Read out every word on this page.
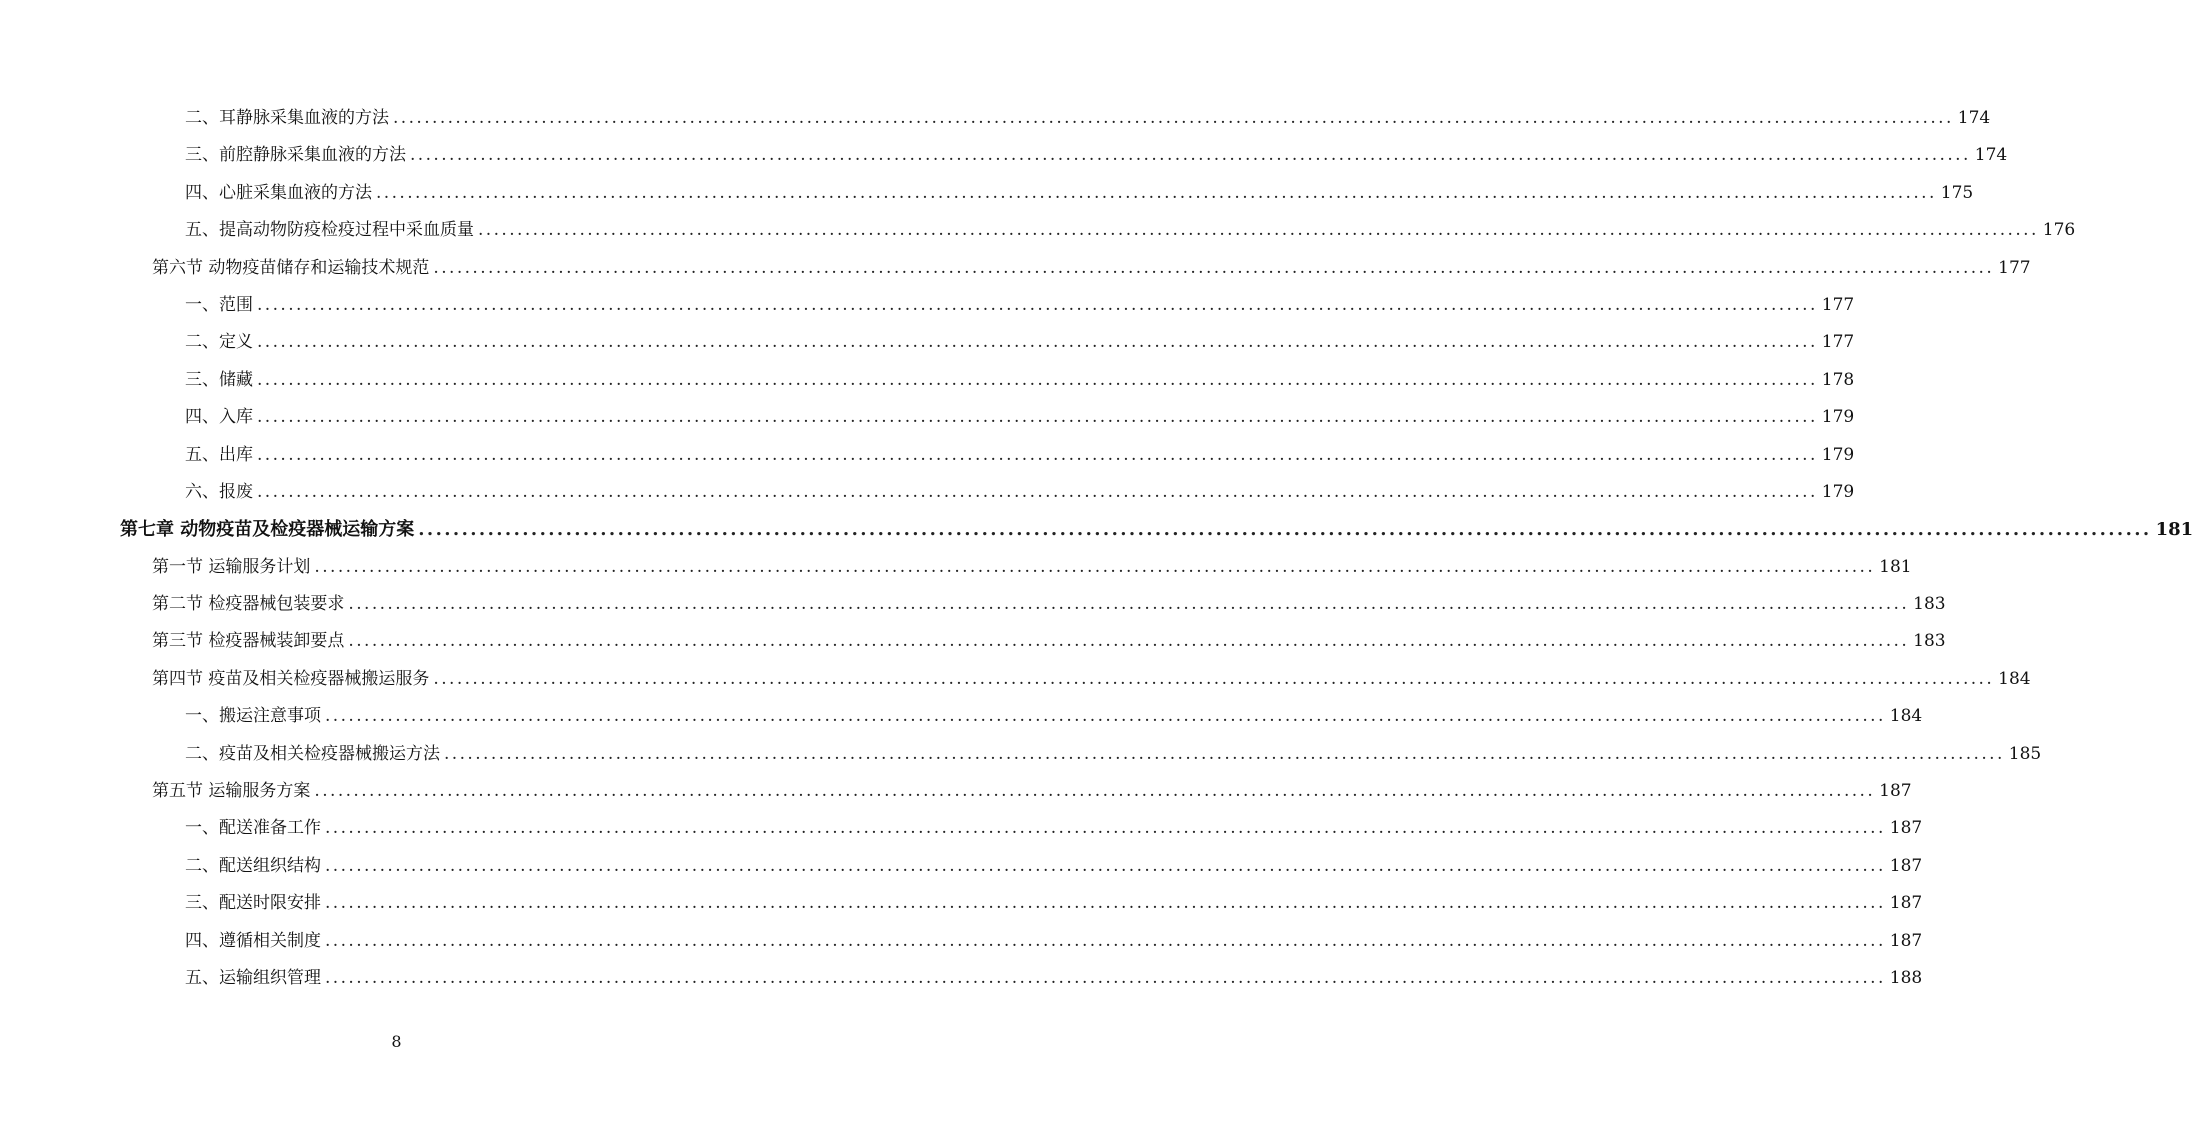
二、耳静脉采集血液的方法 ........................................................................................................................................................................................................ 174
三、前腔静脉采集血液的方法 ........................................................................................................................................................................................................ 174
四、心脏采集血液的方法 ........................................................................................................................................................................................................ 175
五、提高动物防疫检疫过程中采血质量 ........................................................................................................................................................................................................ 176
第六节 动物疫苗储存和运输技术规范 ........................................................................................................................................................................................................ 177
一、范围 ........................................................................................................................................................................................................ 177
二、定义 ........................................................................................................................................................................................................ 177
三、储藏 ........................................................................................................................................................................................................ 178
四、入库 ........................................................................................................................................................................................................ 179
五、出库 ........................................................................................................................................................................................................ 179
六、报废 ........................................................................................................................................................................................................ 179
第七章 动物疫苗及检疫器械运输方案 ........................................................................................................................................................................................................ 181
第一节 运输服务计划 ........................................................................................................................................................................................................ 181
第二节 检疫器械包装要求 ........................................................................................................................................................................................................ 183
第三节 检疫器械装卸要点 ........................................................................................................................................................................................................ 183
第四节 疫苗及相关检疫器械搬运服务 ........................................................................................................................................................................................................ 184
一、搬运注意事项 ........................................................................................................................................................................................................ 184
二、疫苗及相关检疫器械搬运方法 ........................................................................................................................................................................................................ 185
第五节 运输服务方案 ........................................................................................................................................................................................................ 187
一、配送准备工作 ........................................................................................................................................................................................................ 187
二、配送组织结构 ........................................................................................................................................................................................................ 187
三、配送时限安排 ........................................................................................................................................................................................................ 187
四、遵循相关制度 ........................................................................................................................................................................................................ 187
五、运输组织管理 ........................................................................................................................................................................................................ 188
8
